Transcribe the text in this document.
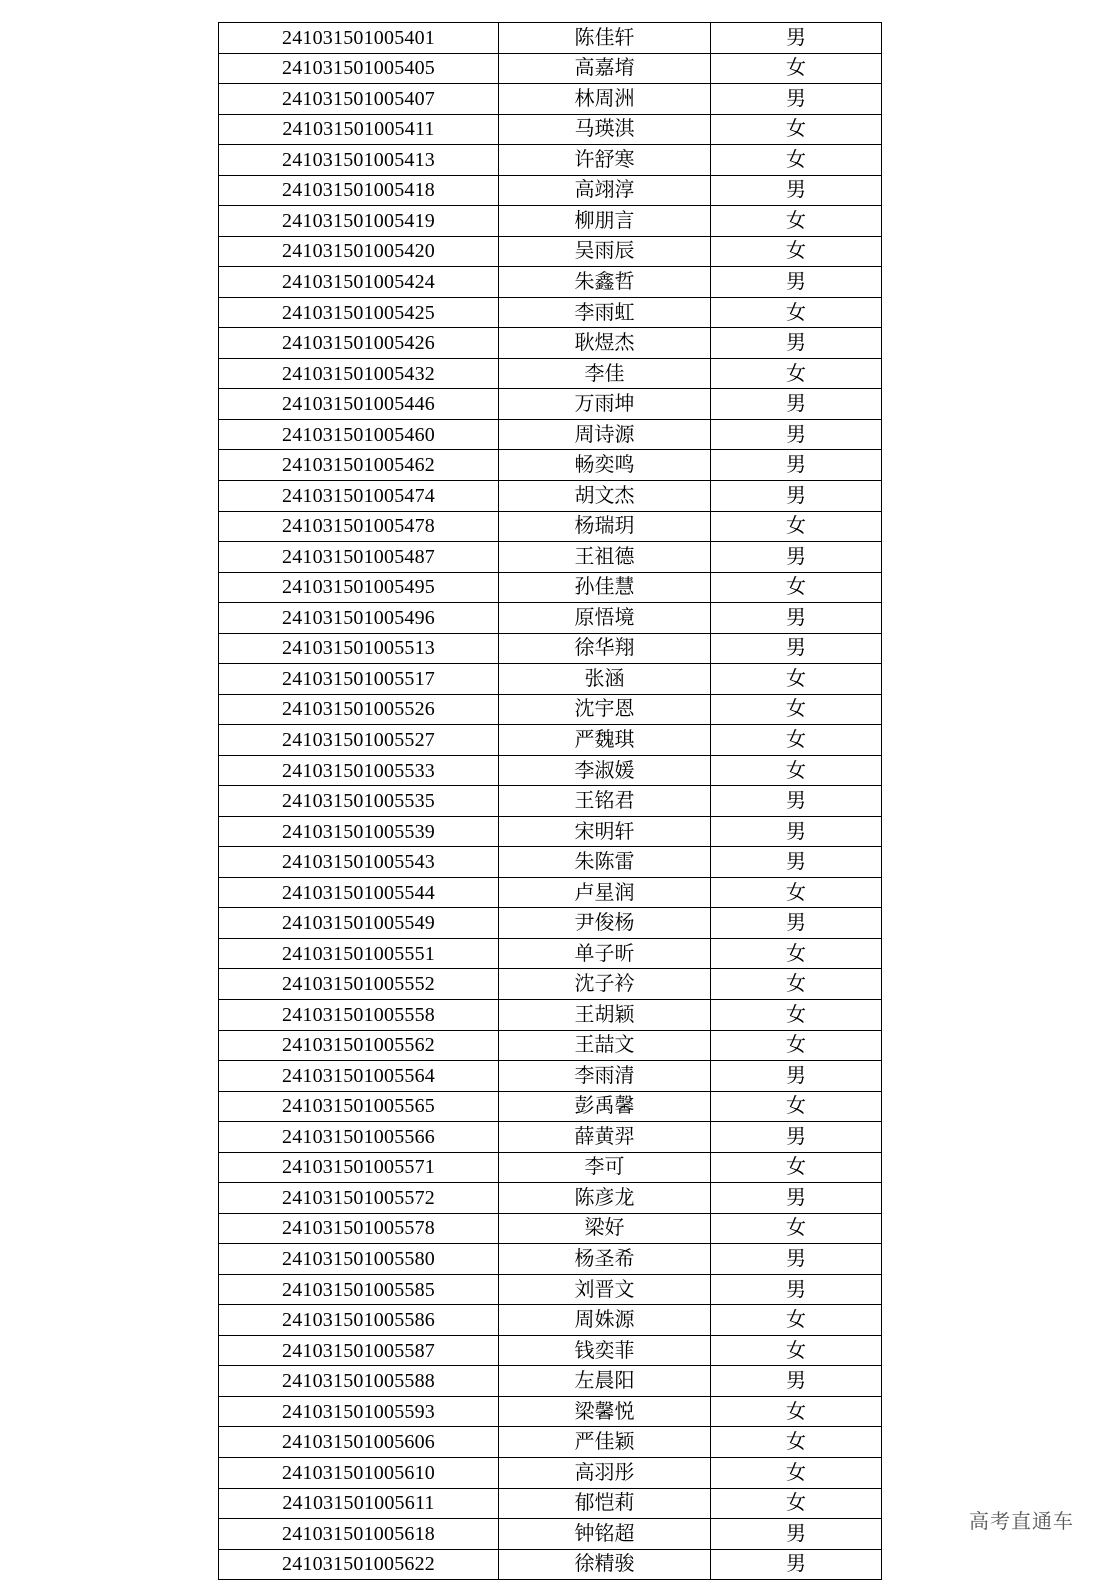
241031501005401	陈佳轩	男
241031501005405	高嘉堉	女
241031501005407	林周洲	男
241031501005411	马瑛淇	女
241031501005413	许舒寒	女
241031501005418	高翊淳	男
241031501005419	柳朋言	女
241031501005420	吴雨辰	女
241031501005424	朱鑫哲	男
241031501005425	李雨虹	女
241031501005426	耿煜杰	男
241031501005432	李佳	女
241031501005446	万雨坤	男
241031501005460	周诗源	男
241031501005462	畅奕鸣	男
241031501005474	胡文杰	男
241031501005478	杨瑞玥	女
241031501005487	王祖德	男
241031501005495	孙佳慧	女
241031501005496	原悟境	男
241031501005513	徐华翔	男
241031501005517	张涵	女
241031501005526	沈宇恩	女
241031501005527	严魏琪	女
241031501005533	李淑媛	女
241031501005535	王铭君	男
241031501005539	宋明轩	男
241031501005543	朱陈雷	男
241031501005544	卢星润	女
241031501005549	尹俊杨	男
241031501005551	单子昕	女
241031501005552	沈子衿	女
241031501005558	王胡颖	女
241031501005562	王喆文	女
241031501005564	李雨清	男
241031501005565	彭禹馨	女
241031501005566	薛黄羿	男
241031501005571	李可	女
241031501005572	陈彦龙	男
241031501005578	梁好	女
241031501005580	杨圣希	男
241031501005585	刘晋文	男
241031501005586	周姝源	女
241031501005587	钱奕菲	女
241031501005588	左晨阳	男
241031501005593	梁馨悦	女
241031501005606	严佳颖	女
241031501005610	高羽彤	女
241031501005611	郁恺莉	女
241031501005618	钟铭超	男
241031501005622	徐精骏	男
高考直通车
